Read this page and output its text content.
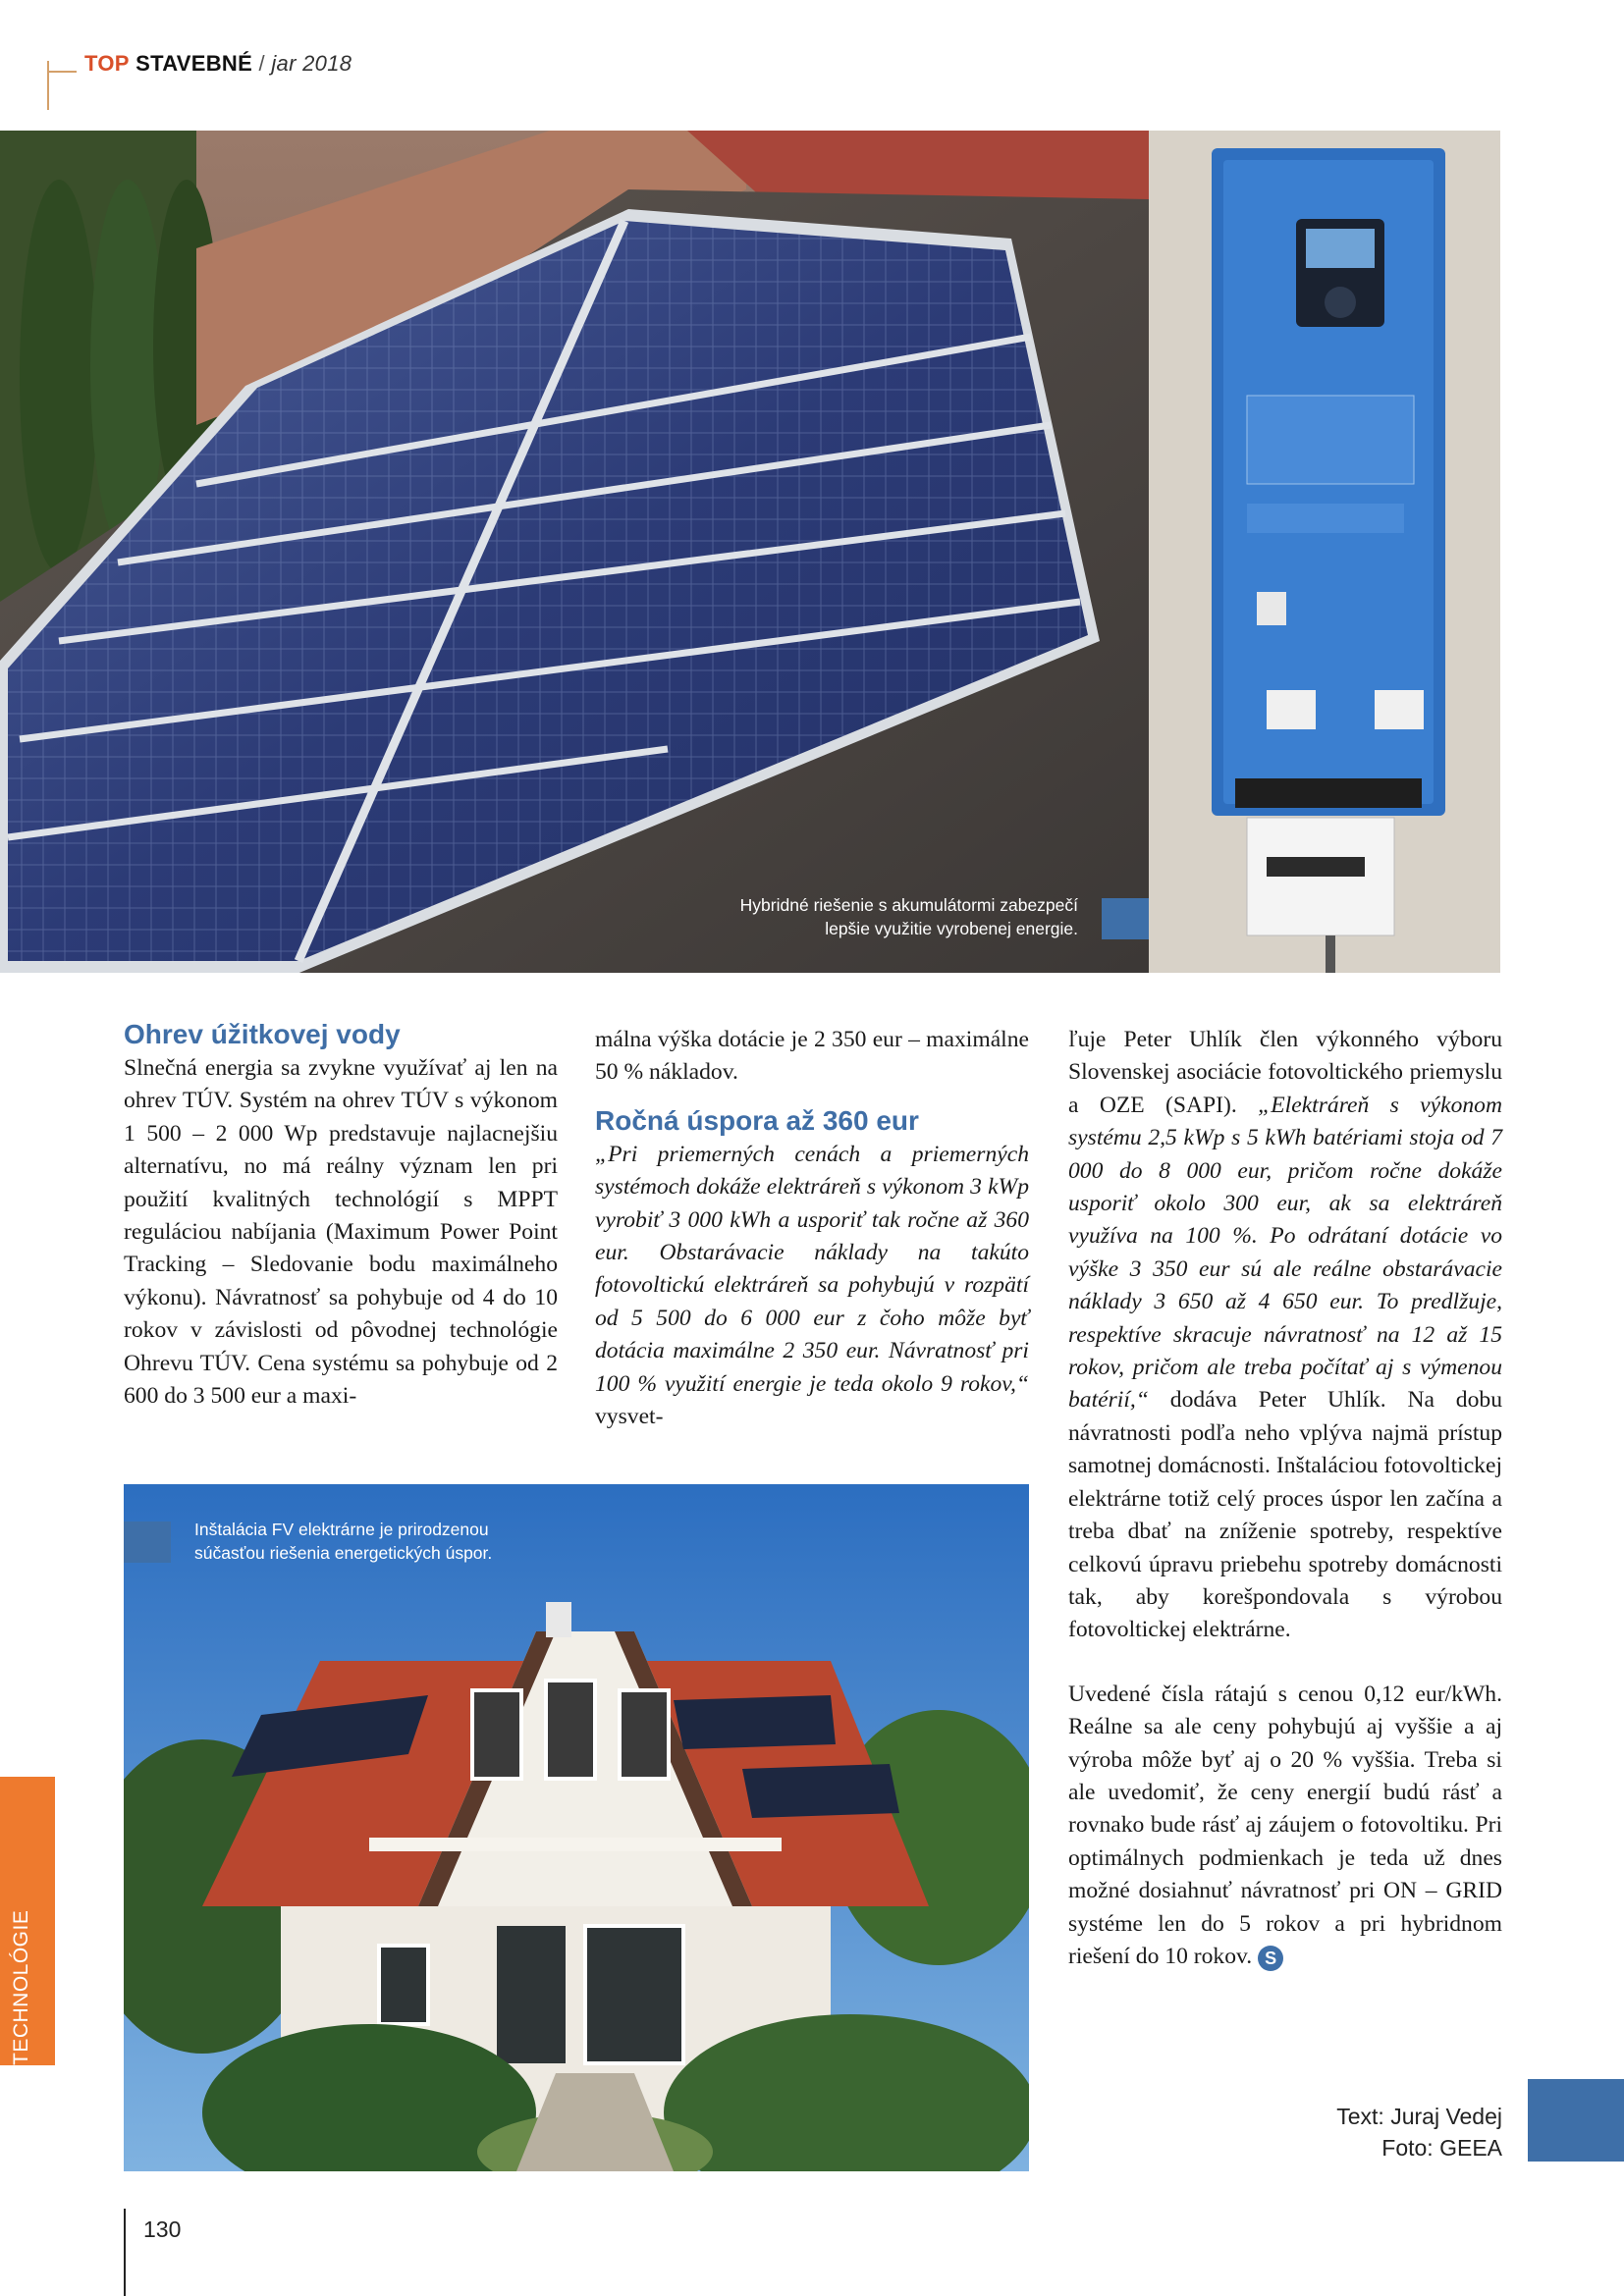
TOP STAVEBNÉ / jar 2018
Hybridné riešenie s akumulátormi zabezpečí
lepšie využitie vyrobenej energie.
Ohrev úžitkovej vody

Slnečná energia sa zvykne využívať aj len na ohrev TÚV. Systém na ohrev TÚV s výkonom 1 500 – 2 000 Wp predstavuje najlacnejšiu alternatívu, no má reálny význam len pri použití kvalitných technológií s MPPT reguláciou nabíjania (Maximum Power Point Tracking – Sledovanie bodu maximálneho výkonu). Návratnosť sa pohybuje od 4 do 10 rokov v závislosti od pôvodnej technológie Ohrevu TÚV. Cena systému sa pohybuje od 2 600 do 3 500 eur a maxi-

málna výška dotácie je 2 350 eur – maximálne 50 % nákladov.

Ročná úspora až 360 eur

„Pri priemerných cenách a priemerných systémoch dokáže elektráreň s výkonom 3 kWp vyrobiť 3 000 kWh a usporiť tak ročne až 360 eur. Obstarávacie náklady na takúto fotovoltickú elektráreň sa pohybujú v rozpätí od 5 500 do 6 000 eur z čoho môže byť dotácia maximálne 2 350 eur. Návratnosť pri 100 % využití energie je teda okolo 9 rokov,“ vysvet-

ľuje Peter Uhlík člen výkonného výboru Slovenskej asociácie fotovoltického priemyslu a OZE (SAPI). „Elektráreň s výkonom systému 2,5 kWp s 5 kWh batériami stoja od 7 000 do 8 000 eur, pričom ročne dokáže usporiť okolo 300 eur, ak sa elektráreň využíva na 100 %. Po odrátaní dotácie vo výške 3 350 eur sú ale reálne obstarávacie náklady 3 650 až 4 650 eur. To predlžuje, respektíve skracuje návratnosť na 12 až 15 rokov, pričom ale treba počítať aj s výmenou batérií,“ dodáva Peter Uhlík. Na dobu návratnosti podľa neho vplýva najmä prístup samotnej domácnosti. Inštaláciou fotovoltickej elektrárne totiž celý proces úspor len začína a treba dbať na zníženie spotreby, respektíve celkovú úpravu priebehu spotreby domácnosti tak, aby korešpondovala s výrobou fotovoltickej elektrárne.

Uvedené čísla rátajú s cenou 0,12 eur/kWh. Reálne sa ale ceny pohybujú aj vyššie a aj výroba môže byť aj o 20 % vyššia. Treba si ale uvedomiť, že ceny energií budú rásť a rovnako bude rásť aj záujem o fotovoltiku. Pri optimálnych podmienkach je teda už dnes možné dosiahnuť návratnosť pri ON – GRID systéme len do 5 rokov a pri hybridnom riešení do 10 rokov. S

Inštalácia FV elektrárne je prirodzenou
súčasťou riešenia energetických úspor.
TECHNOLÓGIE
Text: Juraj Vedej
Foto: GEEA
130
